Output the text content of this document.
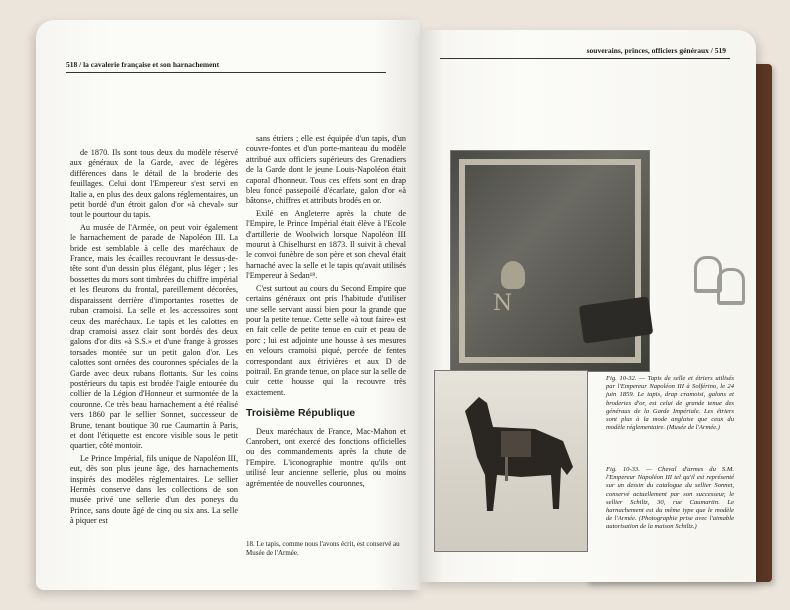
518 / la cavalerie française et son harnachement

de 1870. Ils sont tous deux du modèle réservé aux généraux de la Garde, avec de légères différences dans le détail de la broderie des feuillages. Celui dont l'Empereur s'est servi en Italie a, en plus des deux galons réglementaires, un petit bordé d'un étroit galon d'or «à cheval» sur tout le pourtour du tapis.

Au musée de l'Armée, on peut voir également le harnachement de parade de Napoléon III. La bride est semblable à celle des maréchaux de France, mais les écailles recouvrant le dessus-de-tête sont d'un dessin plus élégant, plus léger ; les bossettes du mors sont timbrées du chiffre impérial et les fleurons du frontal, pareillement décorées, disparaissent derrière d'importantes rosettes de ruban cramoisi. La selle et les accessoires sont ceux des maréchaux. Le tapis et les calottes en drap cramoisi assez clair sont bordés des deux galons d'or dits «à S.S.» et d'une frange à grosses torsades montée sur un petit galon d'or. Les calottes sont ornées des couronnes spéciales de la Garde avec deux rubans flottants. Sur les coins postérieurs du tapis est brodée l'aigle entourée du collier de la Légion d'Honneur et surmontée de la couronne. Ce très beau harnachement a été réalisé vers 1860 par le sellier Sonnet, successeur de Brune, tenant boutique 30 rue Caumartin à Paris, et dont l'étiquette est encore visible sous le petit quartier, côté montoir.

Le Prince Impérial, fils unique de Napoléon III, eut, dès son plus jeune âge, des harnachements inspirés des modèles réglementaires. Le sellier Hermès conserve dans les collections de son musée privé une sellerie d'un des poneys du Prince, sans doute âgé de cinq ou six ans. La selle à piquer est

sans étriers ; elle est équipée d'un tapis, d'un couvre-fontes et d'un porte-manteau du modèle attribué aux officiers supérieurs des Grenadiers de la Garde dont le jeune Louis-Napoléon était caporal d'honneur. Tous ces effets sont en drap bleu foncé passepoilé d'écarlate, galon d'or «à bâtons», chiffres et attributs brodés en or.

Exilé en Angleterre après la chute de l'Empire, le Prince Impérial était élève à l'Ecole d'artillerie de Woolwich lorsque Napoléon III mourut à Chiselhurst en 1873. Il suivit à cheval le convoi funèbre de son père et son cheval était harnaché avec la selle et le tapis qu'avait utilisés l'Empereur à Sedan¹⁸.

C'est surtout au cours du Second Empire que certains généraux ont pris l'habitude d'utiliser une selle servant aussi bien pour la grande que pour la petite tenue. Cette selle «à tout faire» est en fait celle de petite tenue en cuir et peau de porc ; lui est adjointe une housse à ses mesures en velours cramoisi piqué, percée de fentes correspondant aux étrivières et aux D de poitrail. En grande tenue, on place sur la selle de cuir cette housse qui la recouvre très exactement.

Troisième République

Deux maréchaux de France, Mac-Mahon et Canrobert, ont exercé des fonctions officielles ou des commandements après la chute de l'Empire. L'iconographie montre qu'ils ont utilisé leur ancienne sellerie, plus ou moins agrémentée de nouvelles couronnes,

18. Le tapis, comme nous l'avons écrit, est conservé au Musée de l'Armée.
souverains, princes, officiers généraux / 519
N
Fig. 10-32. — Tapis de selle et étriers utilisés par l'Empereur Napoléon III à Solférino, le 24 juin 1859. Le tapis, drap cramoisi, galons et broderies d'or, est celui de grande tenue des généraux de la Garde Impériale. Les étriers sont plus à la mode anglaise que ceux du modèle réglementaire. (Musée de l'Armée.)
Fig. 10-33. — Cheval d'armes du S.M. l'Empereur Napoléon III tel qu'il est représenté sur un dessin du catalogue du sellier Sonnet, conservé actuellement par son successeur, le sellier Schiltz, 30, rue Caumartin. Le harnachement est du même type que le modèle de l'Armée. (Photographie prise avec l'aimable autorisation de la maison Schiltz.)
